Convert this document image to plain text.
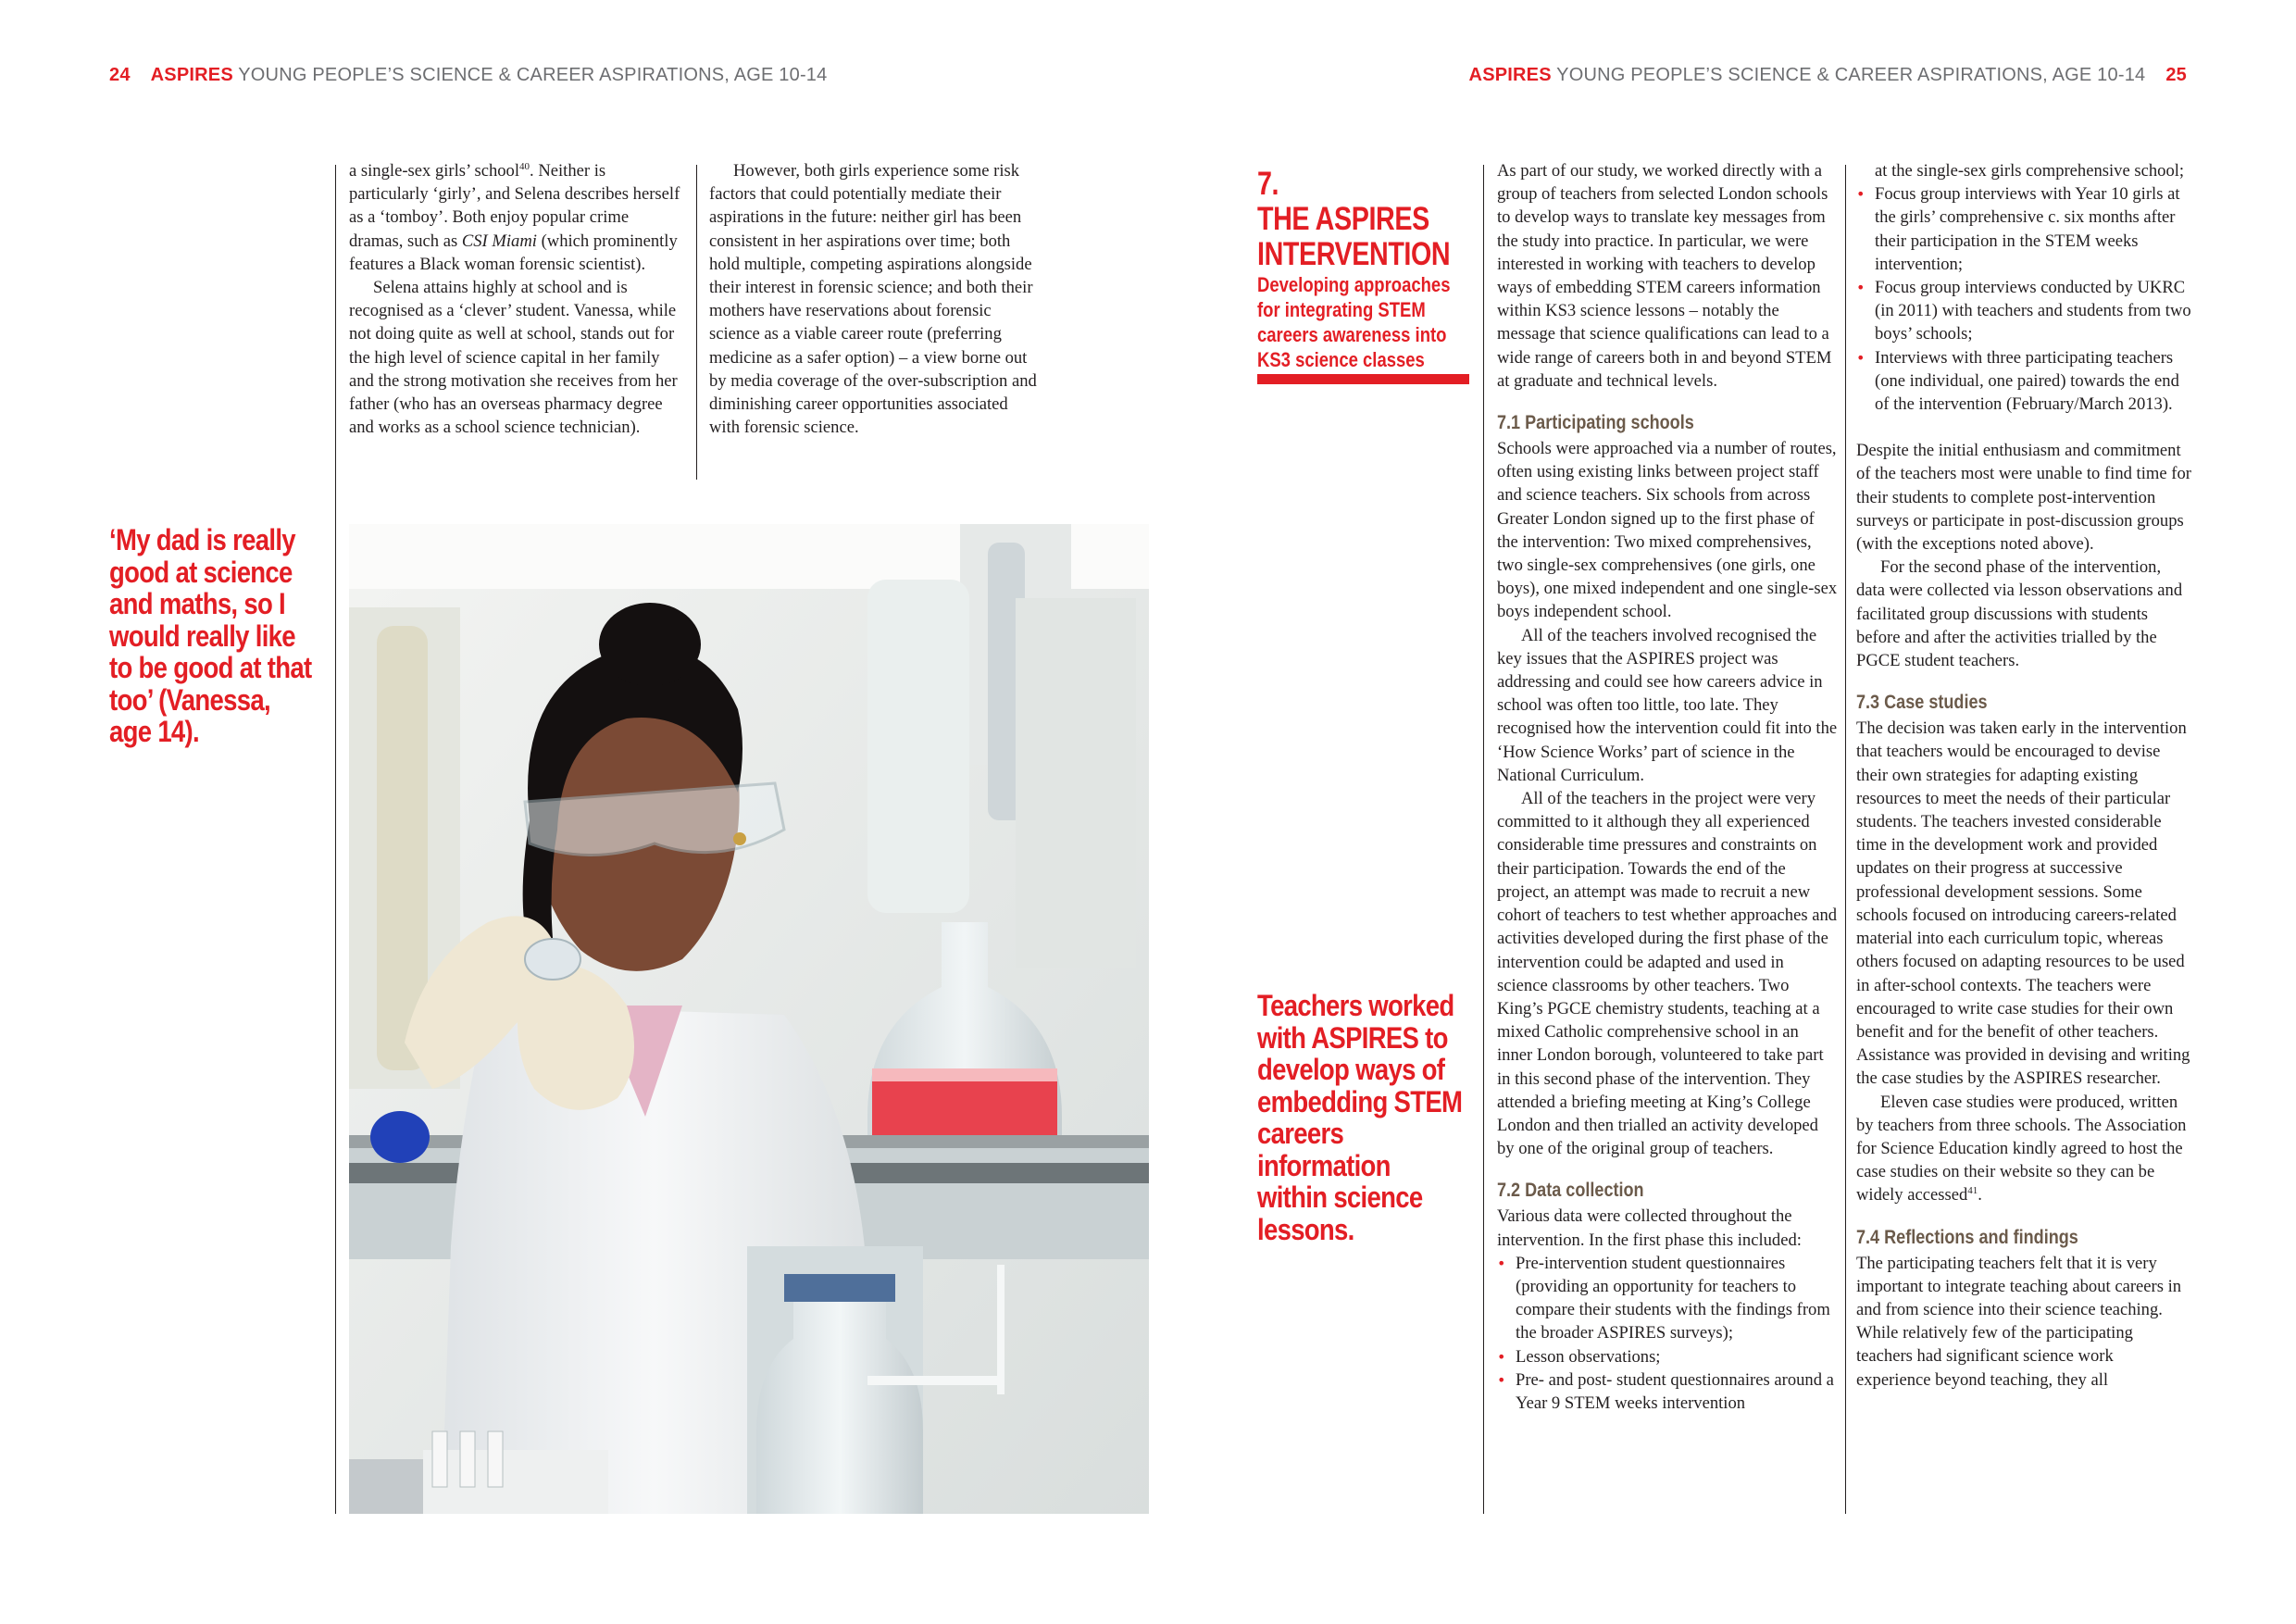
24 ASPIRES YOUNG PEOPLE’S SCIENCE & CAREER ASPIRATIONS, AGE 10-14	ASPIRES YOUNG PEOPLE’S SCIENCE & CAREER ASPIRATIONS, AGE 10-14 25

a single-sex girls’ school$^{40}$. Neither is particularly ‘girly’, and Selena describes herself as a ‘tomboy’. Both enjoy popular crime dramas, such as CSI Miami (which prominently features a Black woman forensic scientist).

Selena attains highly at school and is recognised as a ‘clever’ student. Vanessa, while not doing quite as well at school, stands out for the high level of science capital in her family and the strong motivation she receives from her father (who has an overseas pharmacy degree and works as a school science technician).

However, both girls experience some risk factors that could potentially mediate their aspirations in the future: neither girl has been consistent in her aspirations over time; both hold multiple, competing aspirations alongside their interest in forensic science; and both their mothers have reservations about forensic science as a viable career route (preferring medicine as a safer option) – a view borne out by media coverage of the over-subscription and diminishing career opportunities associated with forensic science.

‘My dad is really good at science and maths, so I would really like to be good at that too’ (Vanessa, age 14).
7.
THE ASPIRES
INTERVENTION
Developing approaches
for integrating STEM
careers awareness into
KS3 science classes
Teachers worked with ASPIRES to develop ways of embedding STEM careers information within science lessons.

As part of our study, we worked directly with a group of teachers from selected London schools to develop ways to translate key messages from the study into practice. In particular, we were interested in working with teachers to develop ways of embedding STEM careers information within KS3 science lessons – notably the message that science qualifications can lead to a wide range of careers both in and beyond STEM at graduate and technical levels.

7.1 Participating schools

Schools were approached via a number of routes, often using existing links between project staff and science teachers. Six schools from across Greater London signed up to the first phase of the intervention: Two mixed comprehensives, two single-sex comprehensives (one girls, one boys), one mixed independent and one single-sex boys independent school.

All of the teachers involved recognised the key issues that the ASPIRES project was addressing and could see how careers advice in school was often too little, too late. They recognised how the intervention could fit into the ‘How Science Works’ part of science in the National Curriculum.

All of the teachers in the project were very committed to it although they all experienced considerable time pressures and constraints on their participation. Towards the end of the project, an attempt was made to recruit a new cohort of teachers to test whether approaches and activities developed during the first phase of the intervention could be adapted and used in science classrooms by other teachers. Two King’s PGCE chemistry students, teaching at a mixed Catholic comprehensive school in an inner London borough, volunteered to take part in this second phase of the intervention. They attended a briefing meeting at King’s College London and then trialled an activity developed by one of the original group of teachers.

7.2 Data collection

Various data were collected throughout the intervention. In the first phase this included:

• Pre-intervention student questionnaires (providing an opportunity for teachers to compare their students with the findings from the broader ASPIRES surveys);
• Lesson observations;
• Pre- and post- student questionnaires around a Year 9 STEM weeks intervention

at the single-sex girls comprehensive school;

• Focus group interviews with Year 10 girls at the girls’ comprehensive c. six months after their participation in the STEM weeks intervention;
• Focus group interviews conducted by UKRC (in 2011) with teachers and students from two boys’ schools;
• Interviews with three participating teachers (one individual, one paired) towards the end of the intervention (February/March 2013).

Despite the initial enthusiasm and commitment of the teachers most were unable to find time for their students to complete post-intervention surveys or participate in post-discussion groups (with the exceptions noted above).

For the second phase of the intervention, data were collected via lesson observations and facilitated group discussions with students before and after the activities trialled by the PGCE student teachers.

7.3 Case studies

The decision was taken early in the intervention that teachers would be encouraged to devise their own strategies for adapting existing resources to meet the needs of their particular students. The teachers invested considerable time in the development work and provided updates on their progress at successive professional development sessions. Some schools focused on introducing careers-related material into each curriculum topic, whereas others focused on adapting resources to be used in after-school contexts. The teachers were encouraged to write case studies for their own benefit and for the benefit of other teachers. Assistance was provided in devising and writing the case studies by the ASPIRES researcher.

Eleven case studies were produced, written by teachers from three schools. The Association for Science Education kindly agreed to host the case studies on their website so they can be widely accessed$^{41}$.

7.4 Reflections and findings

The participating teachers felt that it is very important to integrate teaching about careers in and from science into their science teaching. While relatively few of the participating teachers had significant science work experience beyond teaching, they all
